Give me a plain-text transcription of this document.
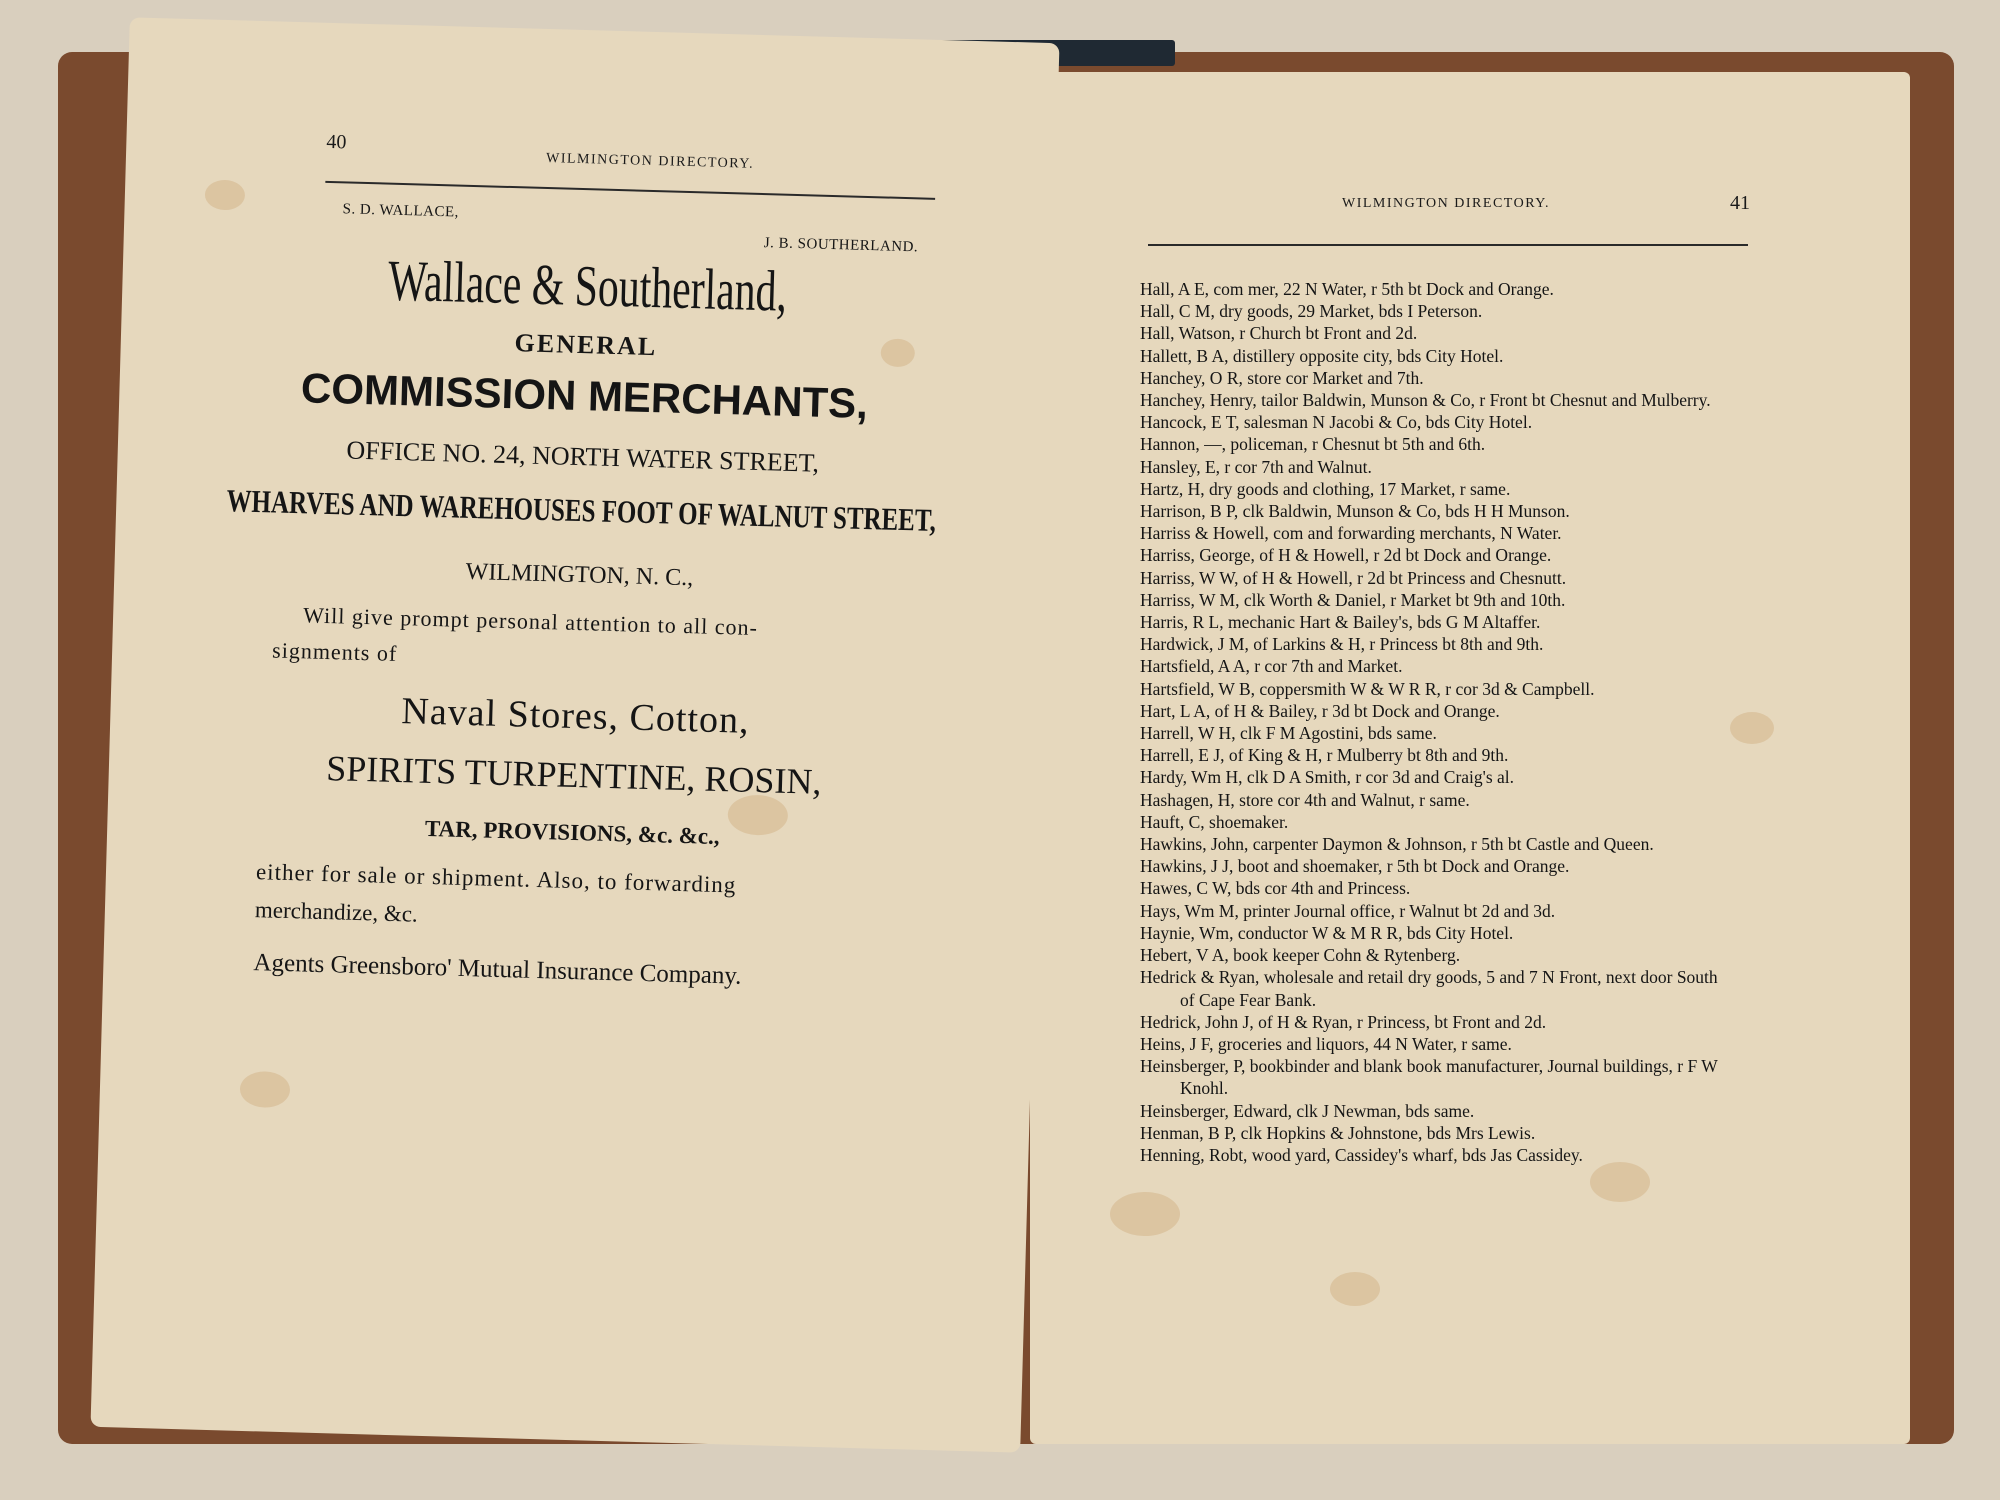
40
WILMINGTON DIRECTORY.
S. D. WALLACE,
J. B. SOUTHERLAND.
Wallace & Southerland,
GENERAL
COMMISSION MERCHANTS,
OFFICE NO. 24, NORTH WATER STREET,
WHARVES AND WAREHOUSES FOOT OF WALNUT STREET,
WILMINGTON, N. C.,
Will give prompt personal attention to all con-
signments of
Naval Stores, Cotton,
SPIRITS TURPENTINE, ROSIN,
TAR, PROVISIONS, &c. &c.,
either for sale or shipment. Also, to forwarding
merchandize, &c.
Agents Greensboro' Mutual Insurance Company.
WILMINGTON DIRECTORY.	41

Hall, A E, com mer, 22 N Water, r 5th bt Dock and Orange.

Hall, C M, dry goods, 29 Market, bds I Peterson.

Hall, Watson, r Church bt Front and 2d.

Hallett, B A, distillery opposite city, bds City Hotel.

Hanchey, O R, store cor Market and 7th.

Hanchey, Henry, tailor Baldwin, Munson & Co, r Front bt Chesnut and Mulberry.

Hancock, E T, salesman N Jacobi & Co, bds City Hotel.

Hannon, —, policeman, r Chesnut bt 5th and 6th.

Hansley, E, r cor 7th and Walnut.

Hartz, H, dry goods and clothing, 17 Market, r same.

Harrison, B P, clk Baldwin, Munson & Co, bds H H Munson.

Harriss & Howell, com and forwarding merchants, N Water.

Harriss, George, of H & Howell, r 2d bt Dock and Orange.

Harriss, W W, of H & Howell, r 2d bt Princess and Chesnutt.

Harriss, W M, clk Worth & Daniel, r Market bt 9th and 10th.

Harris, R L, mechanic Hart & Bailey's, bds G M Altaffer.

Hardwick, J M, of Larkins & H, r Princess bt 8th and 9th.

Hartsfield, A A, r cor 7th and Market.

Hartsfield, W B, coppersmith W & W R R, r cor 3d & Campbell.

Hart, L A, of H & Bailey, r 3d bt Dock and Orange.

Harrell, W H, clk F M Agostini, bds same.

Harrell, E J, of King & H, r Mulberry bt 8th and 9th.

Hardy, Wm H, clk D A Smith, r cor 3d and Craig's al.

Hashagen, H, store cor 4th and Walnut, r same.

Hauft, C, shoemaker.

Hawkins, John, carpenter Daymon & Johnson, r 5th bt Castle and Queen.

Hawkins, J J, boot and shoemaker, r 5th bt Dock and Orange.

Hawes, C W, bds cor 4th and Princess.

Hays, Wm M, printer Journal office, r Walnut bt 2d and 3d.

Haynie, Wm, conductor W & M R R, bds City Hotel.

Hebert, V A, book keeper Cohn & Rytenberg.

Hedrick & Ryan, wholesale and retail dry goods, 5 and 7 N Front, next door South of Cape Fear Bank.

Hedrick, John J, of H & Ryan, r Princess, bt Front and 2d.

Heins, J F, groceries and liquors, 44 N Water, r same.

Heinsberger, P, bookbinder and blank book manufacturer, Journal buildings, r F W Knohl.

Heinsberger, Edward, clk J Newman, bds same.

Henman, B P, clk Hopkins & Johnstone, bds Mrs Lewis.

Henning, Robt, wood yard, Cassidey's wharf, bds Jas Cassidey.
